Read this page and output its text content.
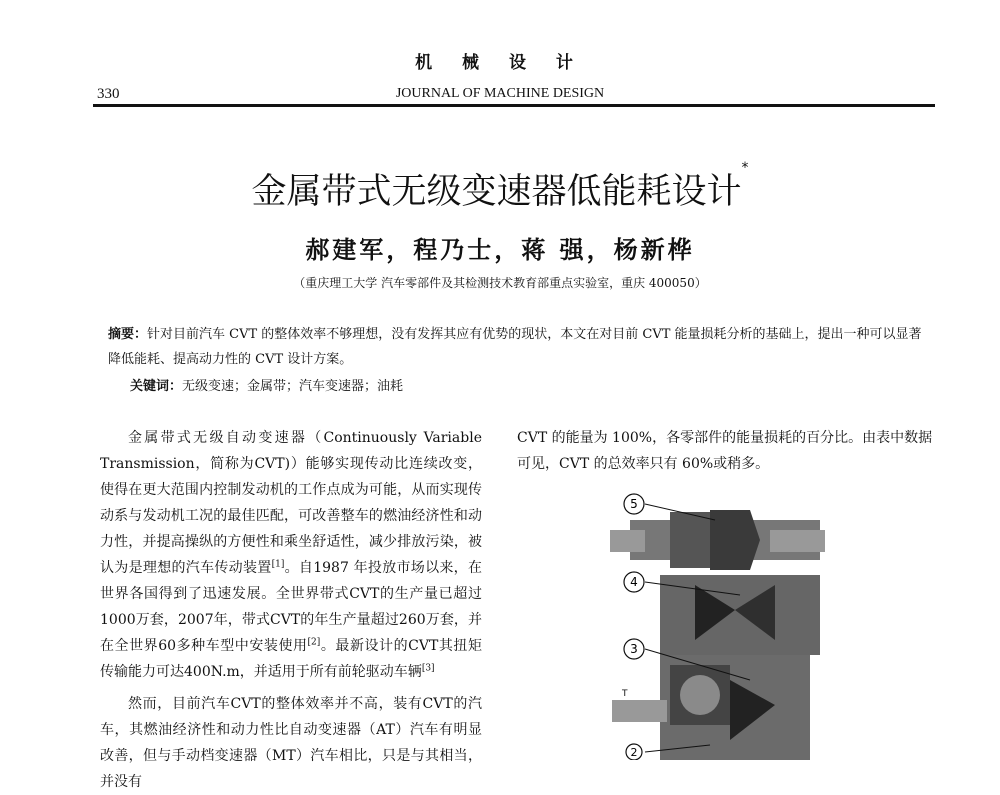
机 械 设 计
330	JOURNAL OF MACHINE DESIGN
金属带式无级变速器低能耗设计*
郝建军，程乃士，蒋 强，杨新桦
（重庆理工大学 汽车零部件及其检测技术教育部重点实验室，重庆 400050）
摘要：针对目前汽车 CVT 的整体效率不够理想，没有发挥其应有优势的现状，本文在对目前 CVT 能量损耗分析的基础上，提出一种可以显著降低能耗、提高动力性的 CVT 设计方案。
关键词：无级变速；金属带；汽车变速器；油耗

金属带式无级自动变速器（Continuously Variable Transmission，简称为CVT)）能够实现传动比连续改变，使得在更大范围内控制发动机的工作点成为可能，从而实现传动系与发动机工况的最佳匹配，可改善整车的燃油经济性和动力性，并提高操纵的方便性和乘坐舒适性，减少排放污染，被认为是理想的汽车传动装置[1]。自1987 年投放市场以来，在世界各国得到了迅速发展。全世界带式CVT的生产量已超过1000万套，2007年，带式CVT的年生产量超过260万套，并在全世界60多种车型中安装使用[2]。最新设计的CVT其扭矩传输能力可达400N.m，并适用于所有前轮驱动车辆[3]

然而，目前汽车CVT的整体效率并不高，装有CVT的汽车，其燃油经济性和动力性比自动变速器（AT）汽车有明显改善，但与手动档变速器（MT）汽车相比，只是与其相当，并没有

CVT 的能量为 100%，各零部件的能量损耗的百分比。由表中数据可见，CVT 的总效率只有 60%或稍多。

5
4
3
2
T
T
